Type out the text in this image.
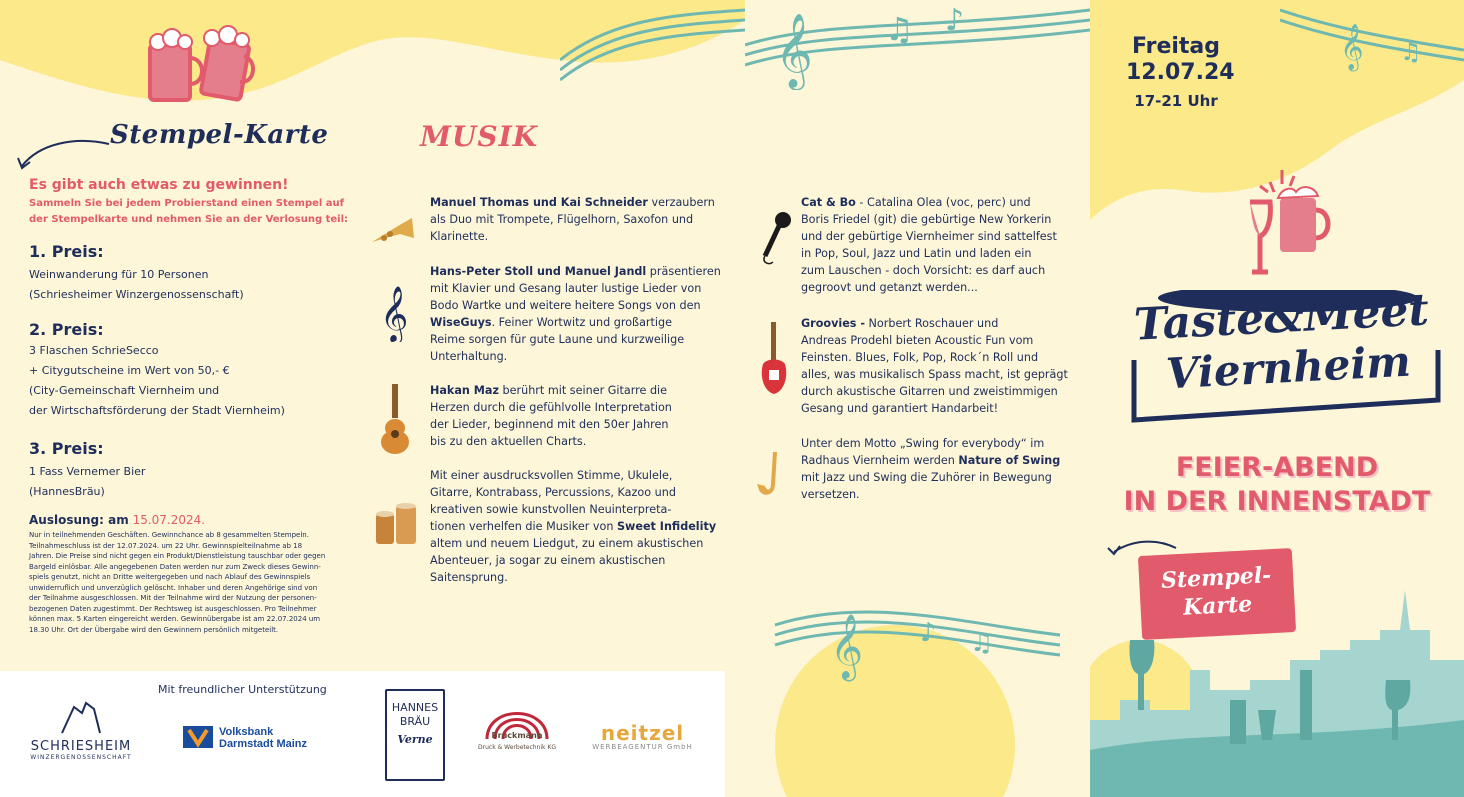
Stempel-Karte
Es gibt auch etwas zu gewinnen!
Sammeln Sie bei jedem Probierstand einen Stempel auf
der Stempelkarte und nehmen Sie an der Verlosung teil:

1. Preis:

Weinwanderung für 10 Personen

(Schriesheimer Winzergenossenschaft)

2. Preis:

3 Flaschen SchrieSecco

+ Citygutscheine im Wert von 50,- €

(City-Gemeinschaft Viernheim und

der Wirtschaftsförderung der Stadt Viernheim)

3. Preis:

1 Fass Vernemer Bier

(HannesBräu)

Auslosung: am 15.07.2024.
Nur in teilnehmenden Geschäften. Gewinnchance ab 8 gesammelten Stempeln.
Teilnahmeschluss ist der 12.07.2024. um 22 Uhr. Gewinnspielteilnahme ab 18
Jahren. Die Preise sind nicht gegen ein Produkt/Dienstleistung tauschbar oder gegen
Bargeld einlösbar. Alle angegebenen Daten werden nur zum Zweck dieses Gewinn-
spiels genutzt, nicht an Dritte weitergegeben und nach Ablauf des Gewinnspiels
unwiderruflich und unverzüglich gelöscht. Inhaber und deren Angehörige sind von
der Teilnahme ausgeschlossen. Mit der Teilnahme wird der Nutzung der personen-
bezogenen Daten zugestimmt. Der Rechtsweg ist ausgeschlossen. Pro Teilnehmer
können max. 5 Karten eingereicht werden. Gewinnübergabe ist am 22.07.2024 um
18.30 Uhr. Ort der Übergabe wird den Gewinnern persönlich mitgeteilt.
MUSIK

Manuel Thomas und Kai Schneider verzaubern

als Duo mit Trompete, Flügelhorn, Saxofon und

Klarinette.

𝄞

Hans-Peter Stoll und Manuel Jandl präsentieren

mit Klavier und Gesang lauter lustige Lieder von

Bodo Wartke und weitere heitere Songs von den

WiseGuys. Feiner Wortwitz und großartige

Reime sorgen für gute Laune und kurzweilige

Unterhaltung.

Hakan Maz berührt mit seiner Gitarre die

Herzen durch die gefühlvolle Interpretation

der Lieder, beginnend mit den 50er Jahren

bis zu den aktuellen Charts.

Mit einer ausdrucksvollen Stimme, Ukulele,

Gitarre, Kontrabass, Percussions, Kazoo und

kreativen sowie kunstvollen Neuinterpreta-

tionen verhelfen die Musiker von Sweet Infidelity

altem und neuem Liedgut, zu einem akustischen

Abenteuer, ja sogar zu einem akustischen

Saitensprung.

Mit freundlicher Unterstützung
SCHRIESHEIM
WINZERGENOSSENSCHAFT
Volksbank
Darmstadt Mainz
HANNES BRÄU
Verne	Brückmann
Druck & Werbetechnik KG
neitzel
WERBEAGENTUR GmbH
𝄞 ♫ ♪

Cat & Bo - Catalina Olea (voc, perc) und

Boris Friedel (git) die gebürtige New Yorkerin

und der gebürtige Viernheimer sind sattelfest

in Pop, Soul, Jazz und Latin und laden ein

zum Lauschen - doch Vorsicht: es darf auch

gegroovt und getanzt werden...

Groovies - Norbert Roschauer und

Andreas Prodehl bieten Acoustic Fun vom

Feinsten. Blues, Folk, Pop, Rock´n Roll und

alles, was musikalisch Spass macht, ist geprägt

durch akustische Gitarren und zweistimmigen

Gesang und garantiert Handarbeit!

Unter dem Motto „Swing for everybody“ im

Radhaus Viernheim werden Nature of Swing

mit Jazz und Swing die Zuhörer in Bewegung

versetzen.

𝄞 ♪ ♫
𝄞 ♫
Freitag
12.07.24
17-21 Uhr
Taste&Meet
Viernheim
FEIER-ABEND
IN DER INNENSTADT
Stempel-
Karte
